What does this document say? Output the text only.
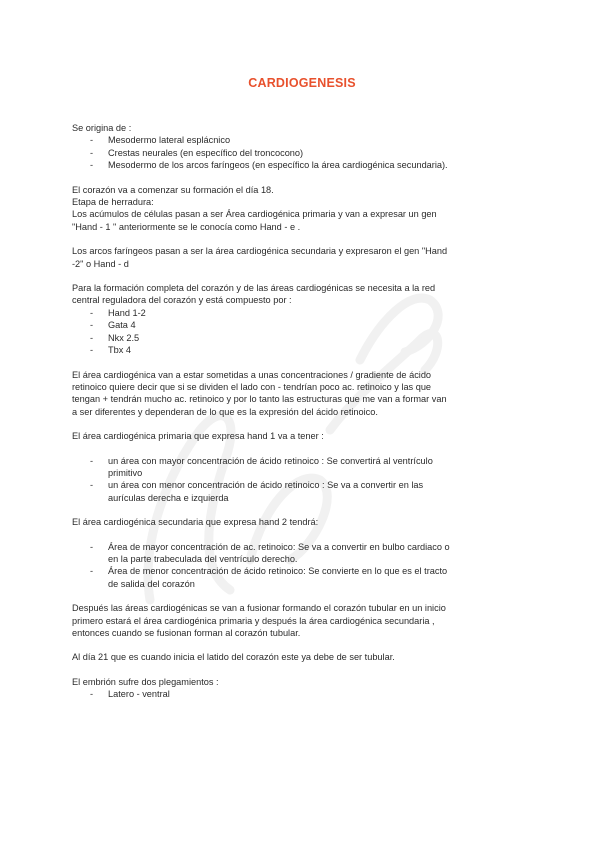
CARDIOGENESIS

Se origina de :

- Mesodermo lateral esplácnico
- Crestas neurales (en específico del troncocono)
- Mesodermo de los arcos faríngeos (en específico la área cardiogénica secundaria).

El corazón va a comenzar su formación el día 18.

Etapa de herradura:

Los acúmulos de células pasan a ser Área cardiogénica primaria y van a expresar un gen

"Hand - 1 " anteriormente se le conocía como Hand - e .

Los arcos faríngeos pasan a ser la área cardiogénica secundaria y expresaron el gen "Hand

-2" o Hand - d

Para la formación completa del corazón y de las áreas cardiogénicas se necesita a la red

central reguladora del corazón y está compuesto por :

- Hand 1-2
- Gata 4
- Nkx 2.5
- Tbx 4

El área cardiogénica van a estar sometidas a unas concentraciones / gradiente de ácido

retinoico quiere decir que si se dividen el lado con - tendrían poco ac. retinoico y las que

tengan + tendrán mucho ac. retinoico y por lo tanto las estructuras que me van a formar van

a ser diferentes y dependeran de lo que es la expresión del ácido retinoico.

El área cardiogénica primaria que expresa hand 1 va a tener :

- un área con mayor concentración de ácido retinoico : Se convertirá al ventrículo
primitivo
- un área con menor concentración de ácido retinoico : Se va a convertir en las
aurículas derecha e izquierda

El área cardiogénica secundaria que expresa hand 2 tendrá:

- Área de mayor concentración de ac. retinoico: Se va a convertir en bulbo cardiaco o
en la parte trabeculada del ventrículo derecho.
- Área de menor concentración de ácido retinoico: Se convierte en lo que es el tracto
de salida del corazón

Después las áreas cardiogénicas se van a fusionar formando el corazón tubular en un inicio

primero estará el área cardiogénica primaria y después la área cardiogénica secundaria ,

entonces cuando se fusionan forman al corazón tubular.

Al día 21 que es cuando inicia el latido del corazón este ya debe de ser tubular.

El embrión sufre dos plegamientos :

- Latero - ventral
